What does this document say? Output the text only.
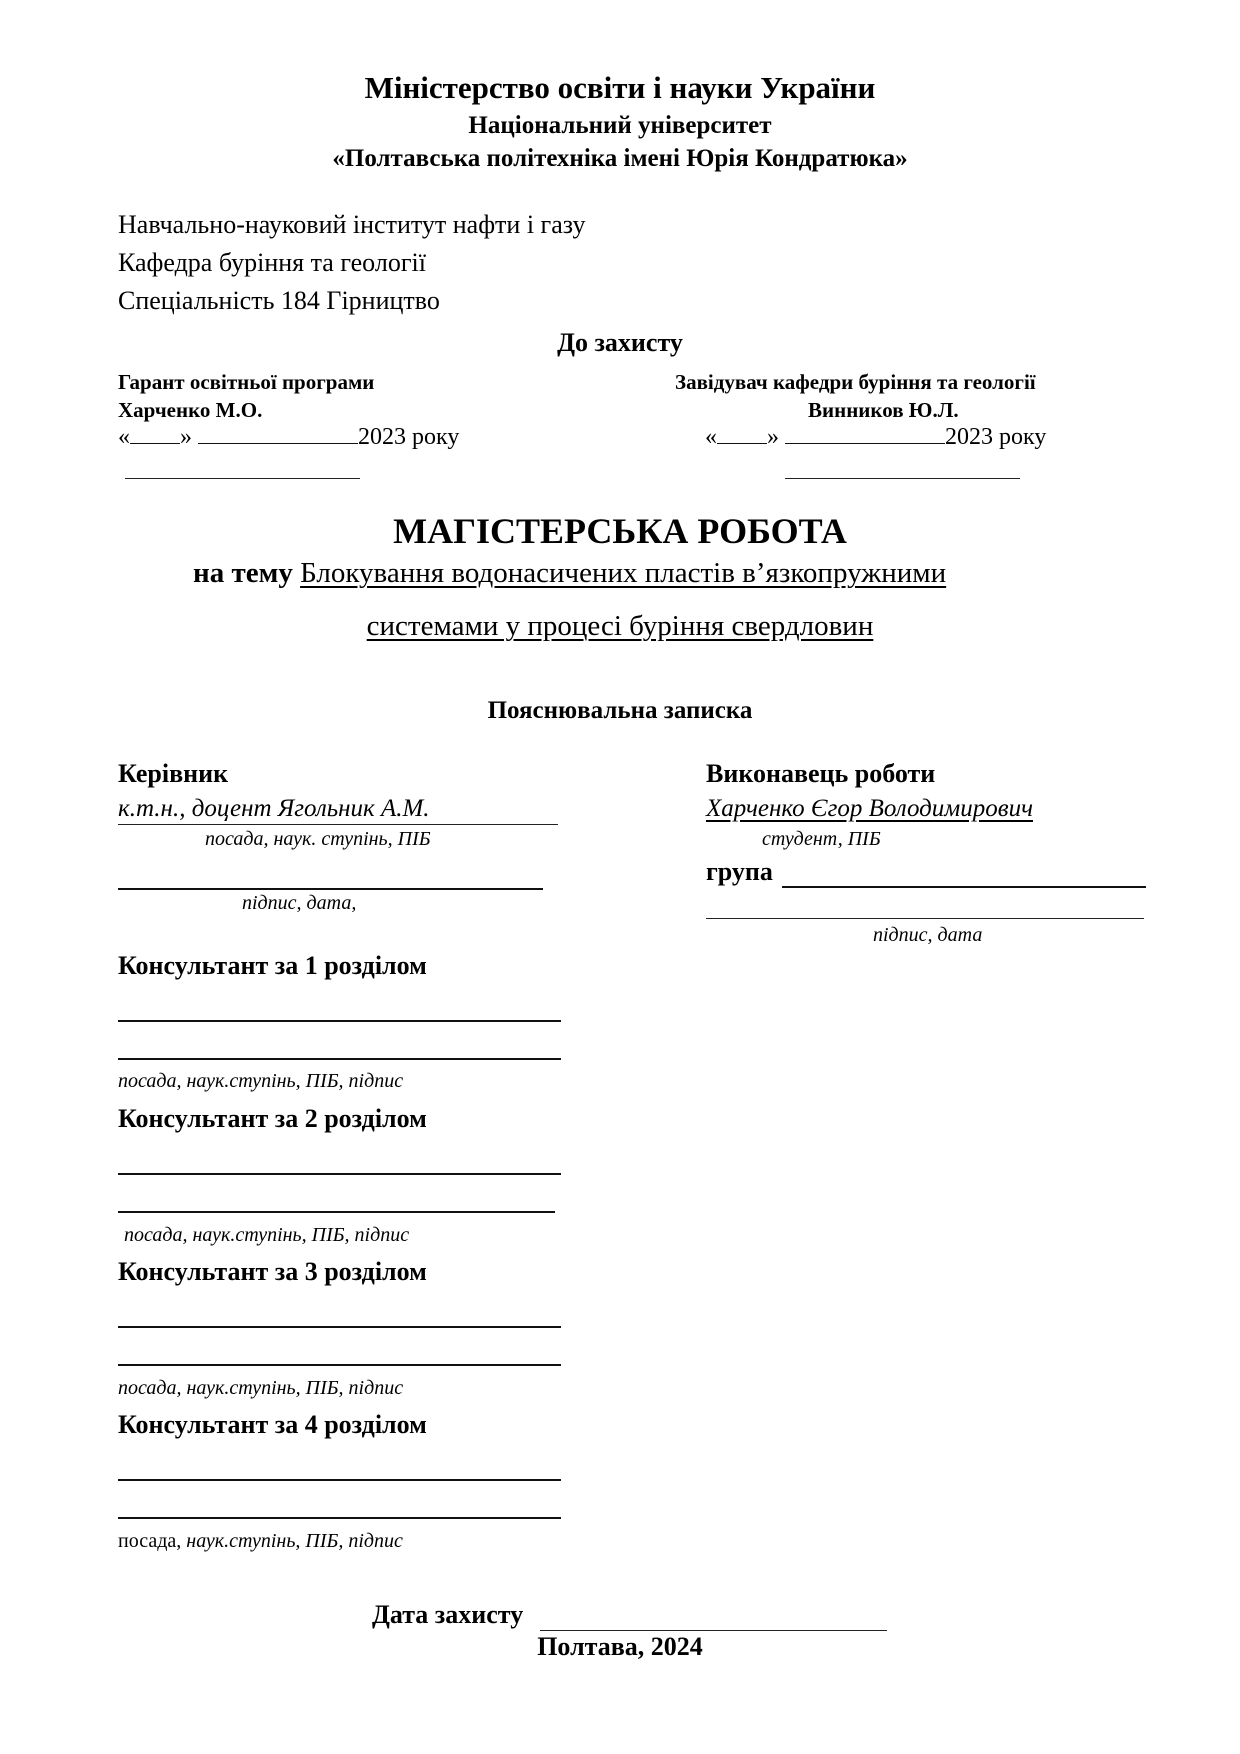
Міністерство освіти і науки України
Національний університет
«Полтавська політехніка імені Юрія Кондратюка»
Навчально-науковий інститут нафти і газу
Кафедра буріння та геології
Спеціальність 184 Гірництво
До захисту
Гарант освітньої програми
Харченко М.О.
« »	2023 року
Завідувач кафедри буріння та геології
Винников Ю.Л.
« »	2023 року
МАГІСТЕРСЬКА РОБОТА
на тему Блокування водонасичених пластів в’язкопружними
системами у процесі буріння свердловин
Пояснювальна записка
Керівник
к.т.н., доцент Ягольник А.М.
посада, наук. ступінь, ПІБ
підпис, дата,
Виконавець роботи
Харченко Єгор Володимирович
студент, ПІБ
група
підпис, дата
Консультант за 1 розділом
посада, наук.ступінь, ПІБ, підпис
Консультант за 2 розділом
посада, наук.ступінь, ПІБ, підпис
Консультант за 3 розділом
посада, наук.ступінь, ПІБ, підпис
Консультант за 4 розділом
посада, наук.ступінь, ПІБ, підпис
Дата захисту
Полтава, 2024
